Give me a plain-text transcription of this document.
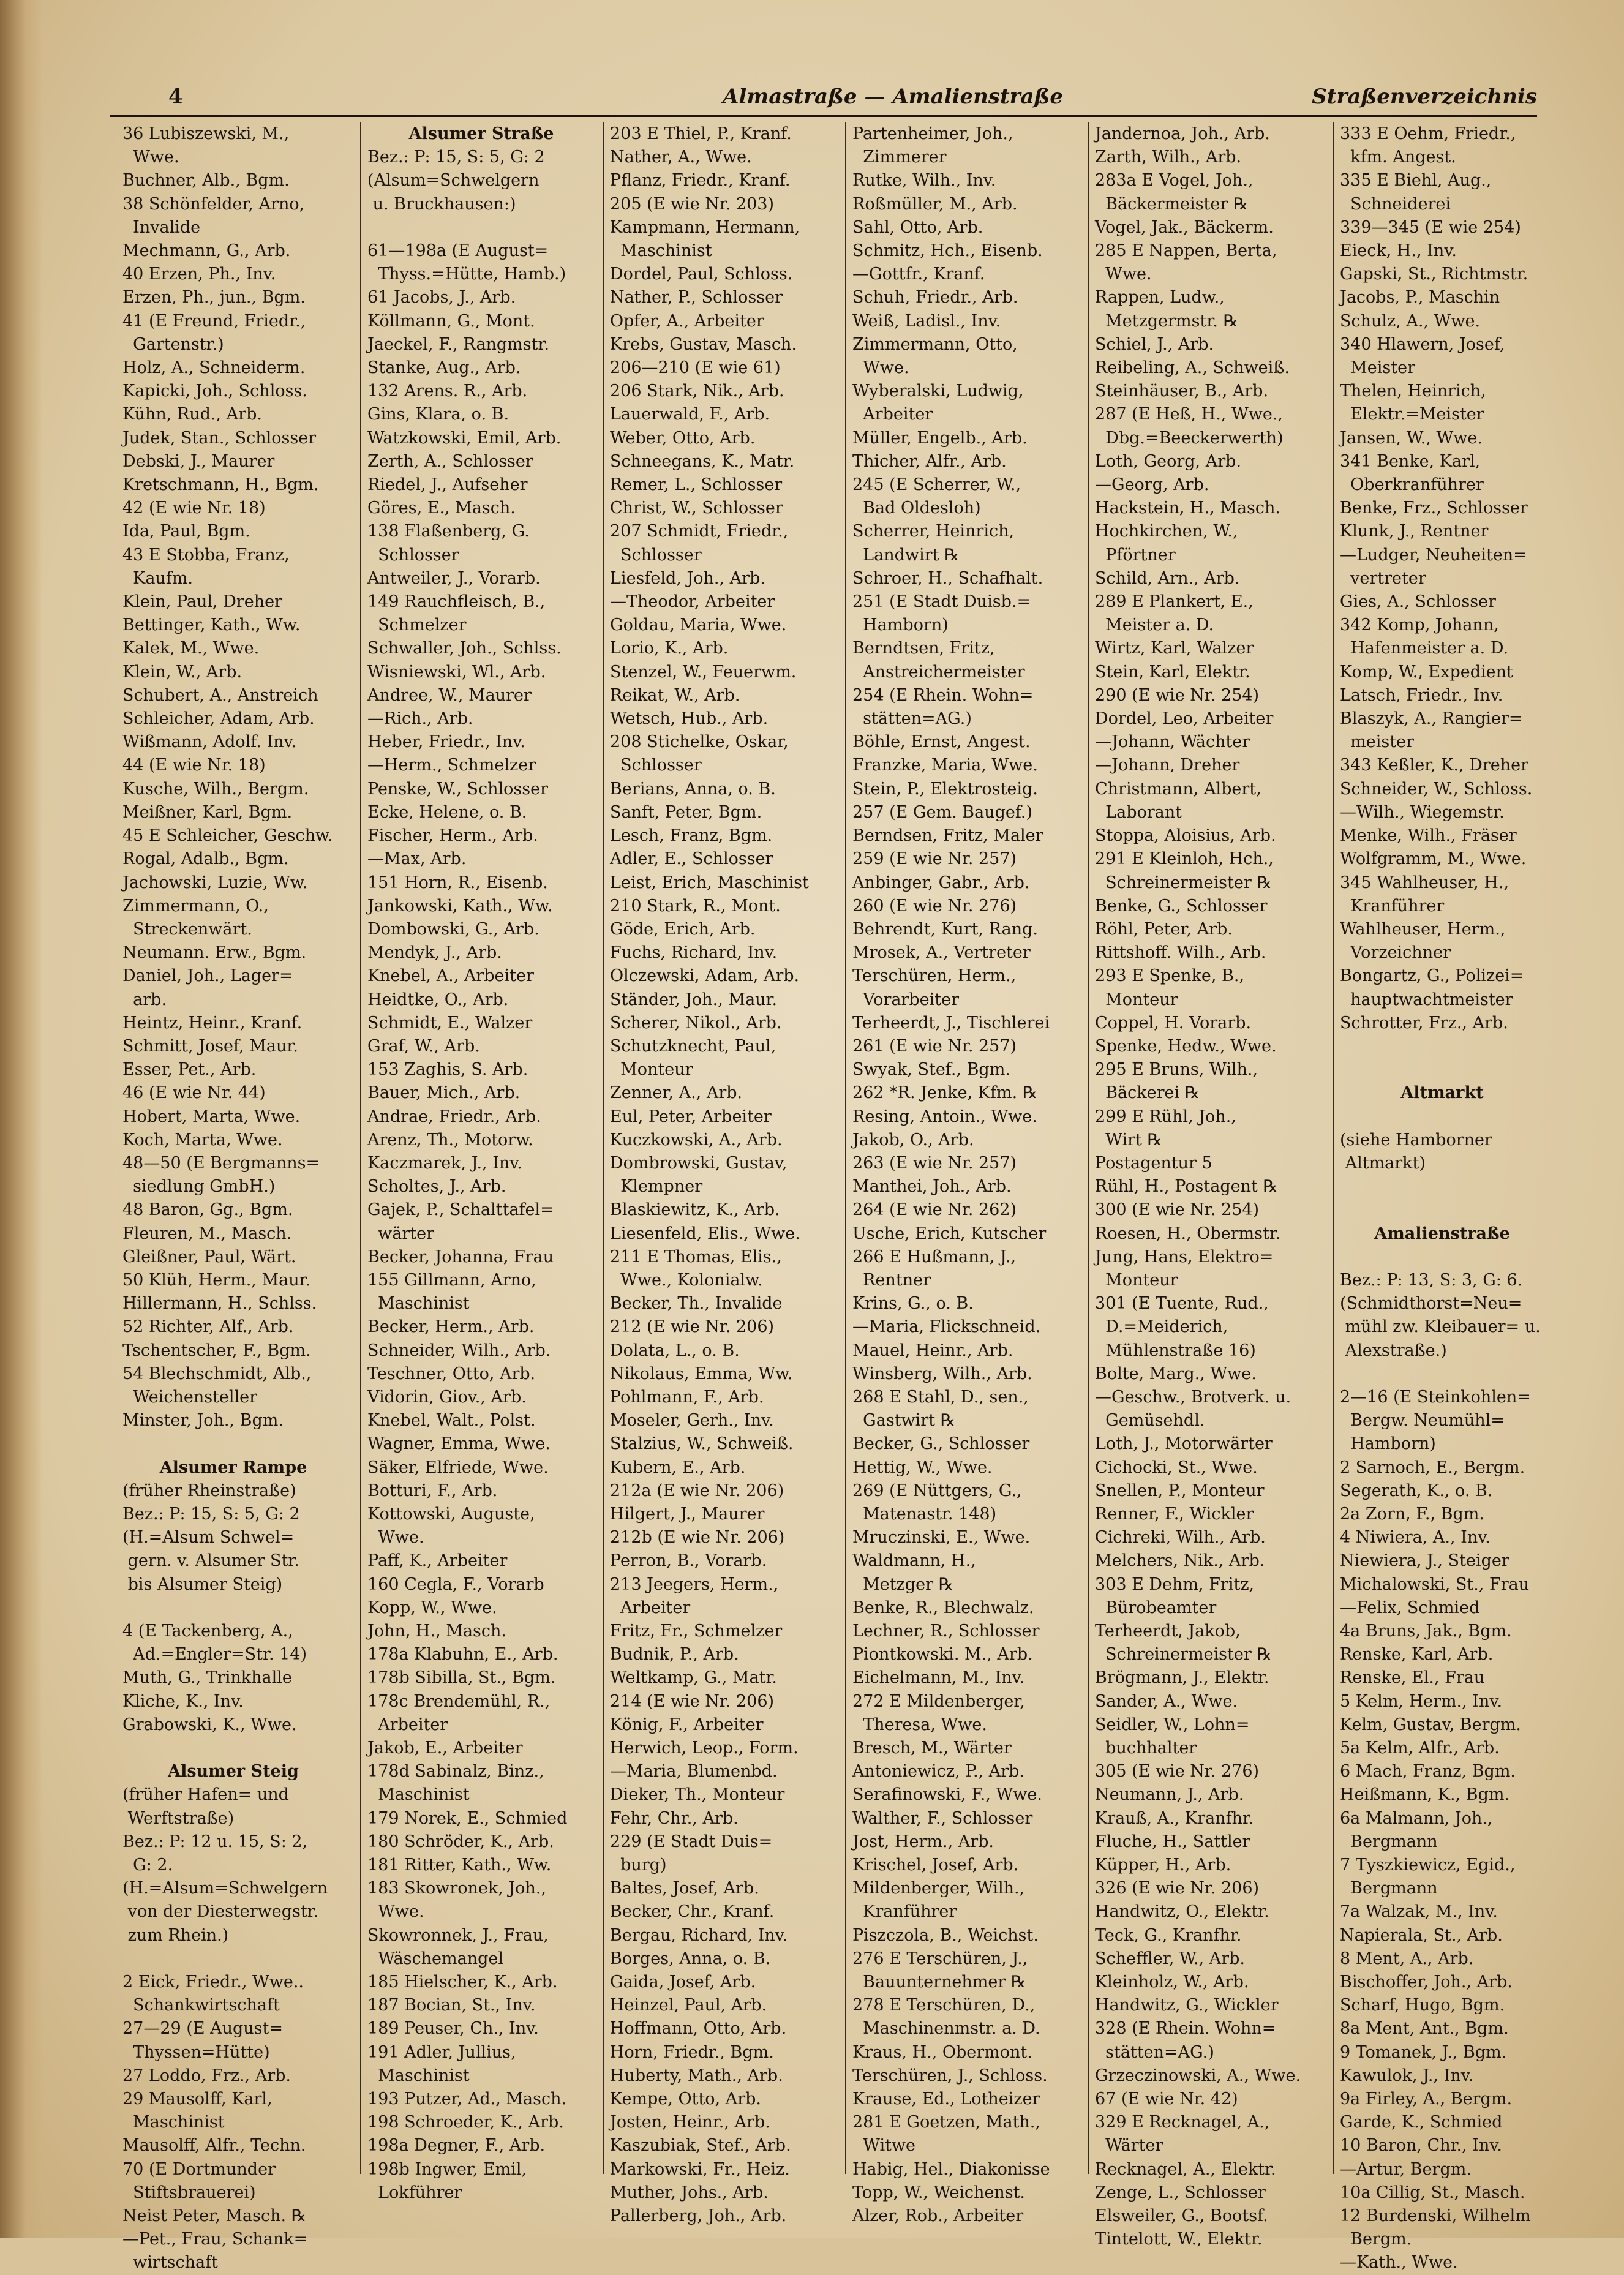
4	Almastraße — Amalienstraße	Straßenverzeichnis
36 Lubiszewski, M.,
Wwe.
Buchner, Alb., Bgm.
38 Schönfelder, Arno,
Invalide
Mechmann, G., Arb.
40 Erzen, Ph., Inv.
Erzen, Ph., jun., Bgm.
41 (E Freund, Friedr.,
Gartenstr.)
Holz, A., Schneiderm.
Kapicki, Joh., Schloss.
Kühn, Rud., Arb.
Judek, Stan., Schlosser
Debski, J., Maurer
Kretschmann, H., Bgm.
42 (E wie Nr. 18)
Ida, Paul, Bgm.
43 E Stobba, Franz,
Kaufm.
Klein, Paul, Dreher
Bettinger, Kath., Ww.
Kalek, M., Wwe.
Klein, W., Arb.
Schubert, A., Anstreich
Schleicher, Adam, Arb.
Wißmann, Adolf. Inv.
44 (E wie Nr. 18)
Kusche, Wilh., Bergm.
Meißner, Karl, Bgm.
45 E Schleicher, Geschw.
Rogal, Adalb., Bgm.
Jachowski, Luzie, Ww.
Zimmermann, O.,
Streckenwärt.
Neumann. Erw., Bgm.
Daniel, Joh., Lager=
arb.
Heintz, Heinr., Kranf.
Schmitt, Josef, Maur.
Esser, Pet., Arb.
46 (E wie Nr. 44)
Hobert, Marta, Wwe.
Koch, Marta, Wwe.
48—50 (E Bergmanns=
siedlung GmbH.)
48 Baron, Gg., Bgm.
Fleuren, M., Masch.
Gleißner, Paul, Wärt.
50 Klüh, Herm., Maur.
Hillermann, H., Schlss.
52 Richter, Alf., Arb.
Tschentscher, F., Bgm.
54 Blechschmidt, Alb.,
Weichensteller
Minster, Joh., Bgm.

Alsumer Rampe
(früher Rheinstraße)
Bez.: P: 15, S: 5, G: 2
(H.=Alsum Schwel=
gern. v. Alsumer Str.
bis Alsumer Steig)

4 (E Tackenberg, A.,
Ad.=Engler=Str. 14)
Muth, G., Trinkhalle
Kliche, K., Inv.
Grabowski, K., Wwe.

Alsumer Steig
(früher Hafen= und
Werftstraße)
Bez.: P: 12 u. 15, S: 2,
G: 2.
(H.=Alsum=Schwelgern
von der Diesterwegstr.
zum Rhein.)

2 Eick, Friedr., Wwe..
Schankwirtschaft
27—29 (E August=
Thyssen=Hütte)
27 Loddo, Frz., Arb.
29 Mausolff, Karl,
Maschinist
Mausolff, Alfr., Techn.
70 (E Dortmunder
Stiftsbrauerei)
Neist Peter, Masch. ℞
—Pet., Frau, Schank=
wirtschaft
Alsumer Straße
Bez.: P: 15, S: 5, G: 2
(Alsum=Schwelgern
u. Bruckhausen:)

61—198a (E August=
Thyss.=Hütte, Hamb.)
61 Jacobs, J., Arb.
Köllmann, G., Mont.
Jaeckel, F., Rangmstr.
Stanke, Aug., Arb.
132 Arens. R., Arb.
Gins, Klara, o. B.
Watzkowski, Emil, Arb.
Zerth, A., Schlosser
Riedel, J., Aufseher
Göres, E., Masch.
138 Flaßenberg, G.
Schlosser
Antweiler, J., Vorarb.
149 Rauchfleisch, B.,
Schmelzer
Schwaller, Joh., Schlss.
Wisniewski, Wl., Arb.
Andree, W., Maurer
—Rich., Arb.
Heber, Friedr., Inv.
—Herm., Schmelzer
Penske, W., Schlosser
Ecke, Helene, o. B.
Fischer, Herm., Arb.
—Max, Arb.
151 Horn, R., Eisenb.
Jankowski, Kath., Ww.
Dombowski, G., Arb.
Mendyk, J., Arb.
Knebel, A., Arbeiter
Heidtke, O., Arb.
Schmidt, E., Walzer
Graf, W., Arb.
153 Zaghis, S. Arb.
Bauer, Mich., Arb.
Andrae, Friedr., Arb.
Arenz, Th., Motorw.
Kaczmarek, J., Inv.
Scholtes, J., Arb.
Gajek, P., Schalttafel=
wärter
Becker, Johanna, Frau
155 Gillmann, Arno,
Maschinist
Becker, Herm., Arb.
Schneider, Wilh., Arb.
Teschner, Otto, Arb.
Vidorin, Giov., Arb.
Knebel, Walt., Polst.
Wagner, Emma, Wwe.
Säker, Elfriede, Wwe.
Botturi, F., Arb.
Kottowski, Auguste,
Wwe.
Paff, K., Arbeiter
160 Cegla, F., Vorarb
Kopp, W., Wwe.
John, H., Masch.
178a Klabuhn, E., Arb.
178b Sibilla, St., Bgm.
178c Brendemühl, R.,
Arbeiter
Jakob, E., Arbeiter
178d Sabinalz, Binz.,
Maschinist
179 Norek, E., Schmied
180 Schröder, K., Arb.
181 Ritter, Kath., Ww.
183 Skowronek, Joh.,
Wwe.
Skowronnek, J., Frau,
Wäschemangel
185 Hielscher, K., Arb.
187 Bocian, St., Inv.
189 Peuser, Ch., Inv.
191 Adler, Jullius,
Maschinist
193 Putzer, Ad., Masch.
198 Schroeder, K., Arb.
198a Degner, F., Arb.
198b Ingwer, Emil,
Lokführer
203 E Thiel, P., Kranf.
Nather, A., Wwe.
Pflanz, Friedr., Kranf.
205 (E wie Nr. 203)
Kampmann, Hermann,
Maschinist
Dordel, Paul, Schloss.
Nather, P., Schlosser
Opfer, A., Arbeiter
Krebs, Gustav, Masch.
206—210 (E wie 61)
206 Stark, Nik., Arb.
Lauerwald, F., Arb.
Weber, Otto, Arb.
Schneegans, K., Matr.
Remer, L., Schlosser
Christ, W., Schlosser
207 Schmidt, Friedr.,
Schlosser
Liesfeld, Joh., Arb.
—Theodor, Arbeiter
Goldau, Maria, Wwe.
Lorio, K., Arb.
Stenzel, W., Feuerwm.
Reikat, W., Arb.
Wetsch, Hub., Arb.
208 Stichelke, Oskar,
Schlosser
Berians, Anna, o. B.
Sanft, Peter, Bgm.
Lesch, Franz, Bgm.
Adler, E., Schlosser
Leist, Erich, Maschinist
210 Stark, R., Mont.
Göde, Erich, Arb.
Fuchs, Richard, Inv.
Olczewski, Adam, Arb.
Ständer, Joh., Maur.
Scherer, Nikol., Arb.
Schutzknecht, Paul,
Monteur
Zenner, A., Arb.
Eul, Peter, Arbeiter
Kuczkowski, A., Arb.
Dombrowski, Gustav,
Klempner
Blaskiewitz, K., Arb.
Liesenfeld, Elis., Wwe.
211 E Thomas, Elis.,
Wwe., Kolonialw.
Becker, Th., Invalide
212 (E wie Nr. 206)
Dolata, L., o. B.
Nikolaus, Emma, Ww.
Pohlmann, F., Arb.
Moseler, Gerh., Inv.
Stalzius, W., Schweiß.
Kubern, E., Arb.
212a (E wie Nr. 206)
Hilgert, J., Maurer
212b (E wie Nr. 206)
Perron, B., Vorarb.
213 Jeegers, Herm.,
Arbeiter
Fritz, Fr., Schmelzer
Budnik, P., Arb.
Weltkamp, G., Matr.
214 (E wie Nr. 206)
König, F., Arbeiter
Herwich, Leop., Form.
—Maria, Blumenbd.
Dieker, Th., Monteur
Fehr, Chr., Arb.
229 (E Stadt Duis=
burg)
Baltes, Josef, Arb.
Becker, Chr., Kranf.
Bergau, Richard, Inv.
Borges, Anna, o. B.
Gaida, Josef, Arb.
Heinzel, Paul, Arb.
Hoffmann, Otto, Arb.
Horn, Friedr., Bgm.
Huberty, Math., Arb.
Kempe, Otto, Arb.
Josten, Heinr., Arb.
Kaszubiak, Stef., Arb.
Markowski, Fr., Heiz.
Muther, Johs., Arb.
Pallerberg, Joh., Arb.
Partenheimer, Joh.,
Zimmerer
Rutke, Wilh., Inv.
Roßmüller, M., Arb.
Sahl, Otto, Arb.
Schmitz, Hch., Eisenb.
—Gottfr., Kranf.
Schuh, Friedr., Arb.
Weiß, Ladisl., Inv.
Zimmermann, Otto,
Wwe.
Wyberalski, Ludwig,
Arbeiter
Müller, Engelb., Arb.
Thicher, Alfr., Arb.
245 (E Scherrer, W.,
Bad Oldesloh)
Scherrer, Heinrich,
Landwirt ℞
Schroer, H., Schafhalt.
251 (E Stadt Duisb.=
Hamborn)
Berndtsen, Fritz,
Anstreichermeister
254 (E Rhein. Wohn=
stätten=AG.)
Böhle, Ernst, Angest.
Franzke, Maria, Wwe.
Stein, P., Elektrosteig.
257 (E Gem. Baugef.)
Berndsen, Fritz, Maler
259 (E wie Nr. 257)
Anbinger, Gabr., Arb.
260 (E wie Nr. 276)
Behrendt, Kurt, Rang.
Mrosek, A., Vertreter
Terschüren, Herm.,
Vorarbeiter
Terheerdt, J., Tischlerei
261 (E wie Nr. 257)
Swyak, Stef., Bgm.
262 *R. Jenke, Kfm. ℞
Resing, Antoin., Wwe.
Jakob, O., Arb.
263 (E wie Nr. 257)
Manthei, Joh., Arb.
264 (E wie Nr. 262)
Usche, Erich, Kutscher
266 E Hußmann, J.,
Rentner
Krins, G., o. B.
—Maria, Flickschneid.
Mauel, Heinr., Arb.
Winsberg, Wilh., Arb.
268 E Stahl, D., sen.,
Gastwirt ℞
Becker, G., Schlosser
Hettig, W., Wwe.
269 (E Nüttgers, G.,
Matenastr. 148)
Mruczinski, E., Wwe.
Waldmann, H.,
Metzger ℞
Benke, R., Blechwalz.
Lechner, R., Schlosser
Piontkowski. M., Arb.
Eichelmann, M., Inv.
272 E Mildenberger,
Theresa, Wwe.
Bresch, M., Wärter
Antoniewicz, P., Arb.
Serafinowski, F., Wwe.
Walther, F., Schlosser
Jost, Herm., Arb.
Krischel, Josef, Arb.
Mildenberger, Wilh.,
Kranführer
Piszczola, B., Weichst.
276 E Terschüren, J.,
Bauunternehmer ℞
278 E Terschüren, D.,
Maschinenmstr. a. D.
Kraus, H., Obermont.
Terschüren, J., Schloss.
Krause, Ed., Lotheizer
281 E Goetzen, Math.,
Witwe
Habig, Hel., Diakonisse
Topp, W., Weichenst.
Alzer, Rob., Arbeiter
Jandernoa, Joh., Arb.
Zarth, Wilh., Arb.
283a E Vogel, Joh.,
Bäckermeister ℞
Vogel, Jak., Bäckerm.
285 E Nappen, Berta,
Wwe.
Rappen, Ludw.,
Metzgermstr. ℞
Schiel, J., Arb.
Reibeling, A., Schweiß.
Steinhäuser, B., Arb.
287 (E Heß, H., Wwe.,
Dbg.=Beeckerwerth)
Loth, Georg, Arb.
—Georg, Arb.
Hackstein, H., Masch.
Hochkirchen, W.,
Pförtner
Schild, Arn., Arb.
289 E Plankert, E.,
Meister a. D.
Wirtz, Karl, Walzer
Stein, Karl, Elektr.
290 (E wie Nr. 254)
Dordel, Leo, Arbeiter
—Johann, Wächter
—Johann, Dreher
Christmann, Albert,
Laborant
Stoppa, Aloisius, Arb.
291 E Kleinloh, Hch.,
Schreinermeister ℞
Benke, G., Schlosser
Röhl, Peter, Arb.
Rittshoff. Wilh., Arb.
293 E Spenke, B.,
Monteur
Coppel, H. Vorarb.
Spenke, Hedw., Wwe.
295 E Bruns, Wilh.,
Bäckerei ℞
299 E Rühl, Joh.,
Wirt ℞
Postagentur 5
Rühl, H., Postagent ℞
300 (E wie Nr. 254)
Roesen, H., Obermstr.
Jung, Hans, Elektro=
Monteur
301 (E Tuente, Rud.,
D.=Meiderich,
Mühlenstraße 16)
Bolte, Marg., Wwe.
—Geschw., Brotverk. u.
Gemüsehdl.
Loth, J., Motorwärter
Cichocki, St., Wwe.
Snellen, P., Monteur
Renner, F., Wickler
Cichreki, Wilh., Arb.
Melchers, Nik., Arb.
303 E Dehm, Fritz,
Bürobeamter
Terheerdt, Jakob,
Schreinermeister ℞
Brögmann, J., Elektr.
Sander, A., Wwe.
Seidler, W., Lohn=
buchhalter
305 (E wie Nr. 276)
Neumann, J., Arb.
Krauß, A., Kranfhr.
Fluche, H., Sattler
Küpper, H., Arb.
326 (E wie Nr. 206)
Handwitz, O., Elektr.
Teck, G., Kranfhr.
Scheffler, W., Arb.
Kleinholz, W., Arb.
Handwitz, G., Wickler
328 (E Rhein. Wohn=
stätten=AG.)
Grzeczinowski, A., Wwe.
67 (E wie Nr. 42)
329 E Recknagel, A.,
Wärter
Recknagel, A., Elektr.
Zenge, L., Schlosser
Elsweiler, G., Bootsf.
Tintelott, W., Elektr.
333 E Oehm, Friedr.,
kfm. Angest.
335 E Biehl, Aug.,
Schneiderei
339—345 (E wie 254)
Eieck, H., Inv.
Gapski, St., Richtmstr.
Jacobs, P., Maschin
Schulz, A., Wwe.
340 Hlawern, Josef,
Meister
Thelen, Heinrich,
Elektr.=Meister
Jansen, W., Wwe.
341 Benke, Karl,
Oberkranführer
Benke, Frz., Schlosser
Klunk, J., Rentner
—Ludger, Neuheiten=
vertreter
Gies, A., Schlosser
342 Komp, Johann,
Hafenmeister a. D.
Komp, W., Expedient
Latsch, Friedr., Inv.
Blaszyk, A., Rangier=
meister
343 Keßler, K., Dreher
Schneider, W., Schloss.
—Wilh., Wiegemstr.
Menke, Wilh., Fräser
Wolfgramm, M., Wwe.
345 Wahlheuser, H.,
Kranführer
Wahlheuser, Herm.,
Vorzeichner
Bongartz, G., Polizei=
hauptwachtmeister
Schrotter, Frz., Arb.

Altmarkt

(siehe Hamborner
Altmarkt)

Amalienstraße

Bez.: P: 13, S: 3, G: 6.
(Schmidthorst=Neu=
mühl zw. Kleibauer= u.
Alexstraße.)

2—16 (E Steinkohlen=
Bergw. Neumühl=
Hamborn)
2 Sarnoch, E., Bergm.
Segerath, K., o. B.
2a Zorn, F., Bgm.
4 Niwiera, A., Inv.
Niewiera, J., Steiger
Michalowski, St., Frau
—Felix, Schmied
4a Bruns, Jak., Bgm.
Renske, Karl, Arb.
Renske, El., Frau
5 Kelm, Herm., Inv.
Kelm, Gustav, Bergm.
5a Kelm, Alfr., Arb.
6 Mach, Franz, Bgm.
Heißmann, K., Bgm.
6a Malmann, Joh.,
Bergmann
7 Tyszkiewicz, Egid.,
Bergmann
7a Walzak, M., Inv.
Napierala, St., Arb.
8 Ment, A., Arb.
Bischoffer, Joh., Arb.
Scharf, Hugo, Bgm.
8a Ment, Ant., Bgm.
9 Tomanek, J., Bgm.
Kawulok, J., Inv.
9a Firley, A., Bergm.
Garde, K., Schmied
10 Baron, Chr., Inv.
—Artur, Bergm.
10a Cillig, St., Masch.
12 Burdenski, Wilhelm
Bergm.
—Kath., Wwe.
